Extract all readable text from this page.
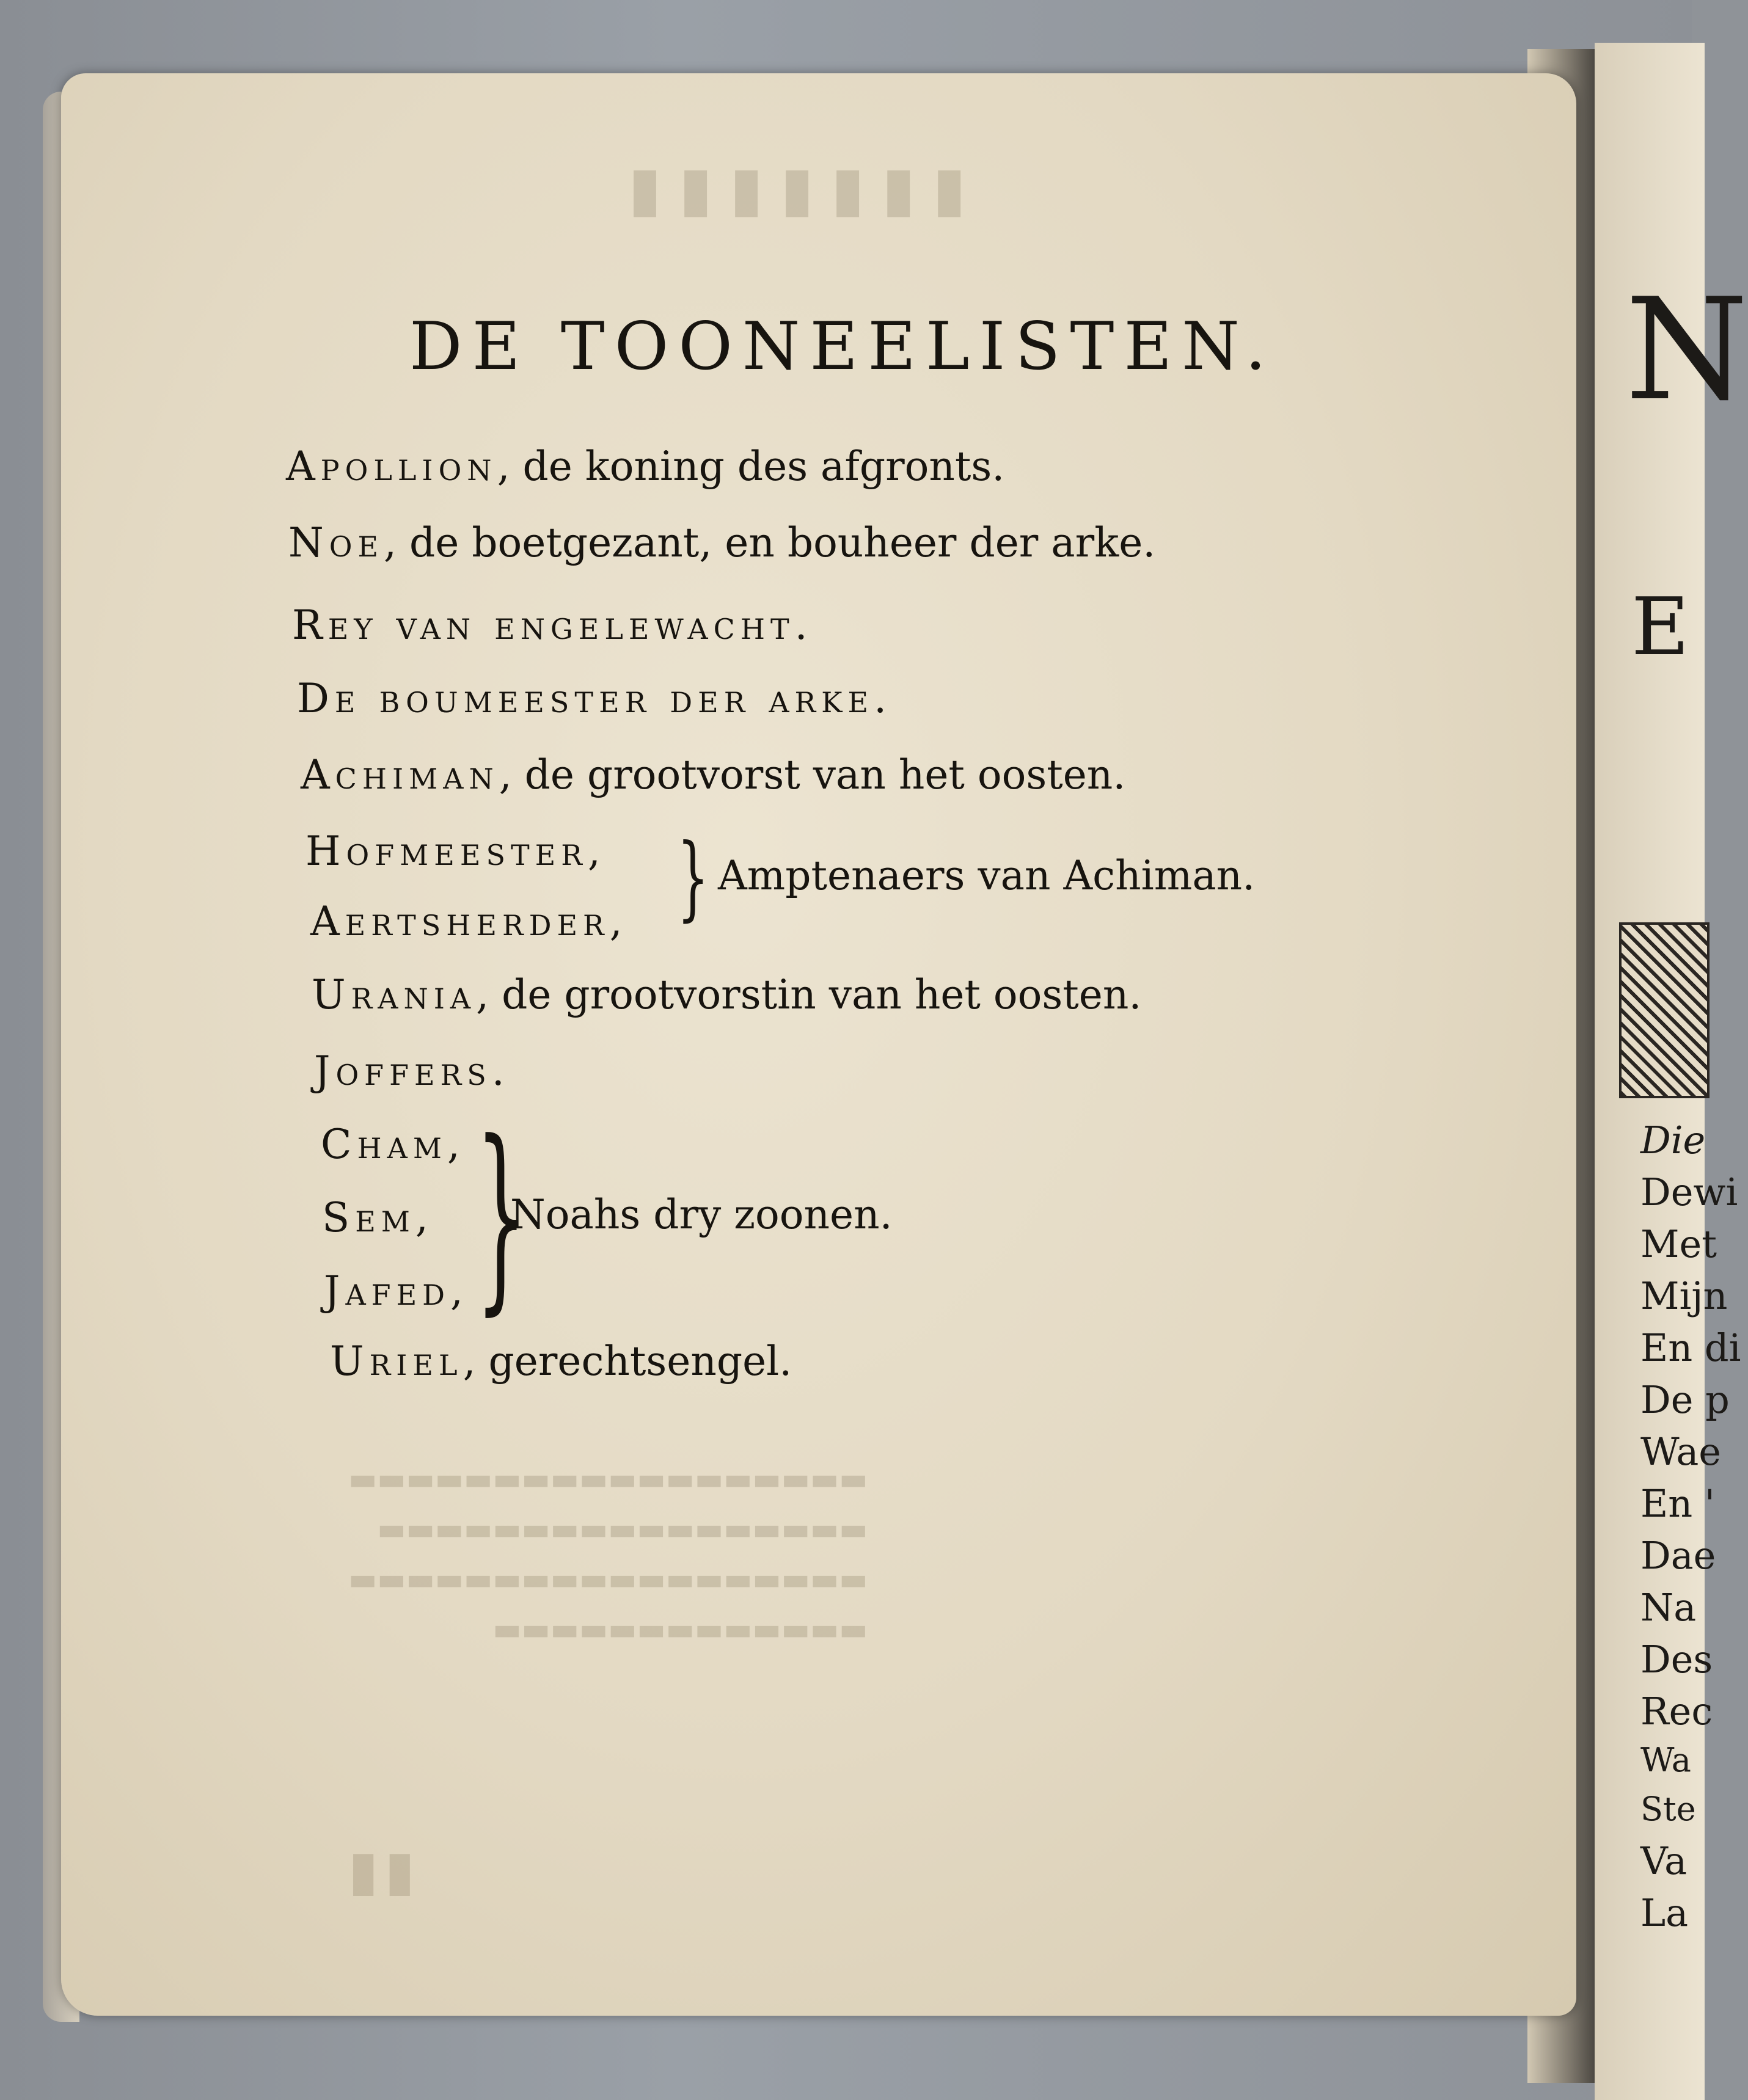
N
E
Die
Dewi
Met
Mijn
En di
De p
Wae
En '
Dae
Na
Des
Rec
Wa
Ste
Va
La
▮▮▮▮▮▮▮
▬▬▬▬▬▬▬▬▬▬▬▬▬▬▬▬▬▬
▬▬▬▬▬▬▬▬▬▬▬▬▬▬▬▬▬
▬▬▬▬▬▬▬▬▬▬▬▬▬▬▬▬▬▬
▬▬▬▬▬▬▬▬▬▬▬▬▬
▮▮
DE TOONEELISTEN.
Apollion, de koning des afgronts.
Noe, de boetgezant, en bouheer der arke.
Rey van engelewacht.
De boumeester der arke.
Achiman, de grootvorst van het oosten.
Hofmeester,
Aertsherder, } Amptenaers van Achiman.
Urania, de grootvorstin van het oosten.
Joffers.
Cham,
Sem,
Jafed, }
Noahs dry zoonen.
Uriel, gerechtsengel.
